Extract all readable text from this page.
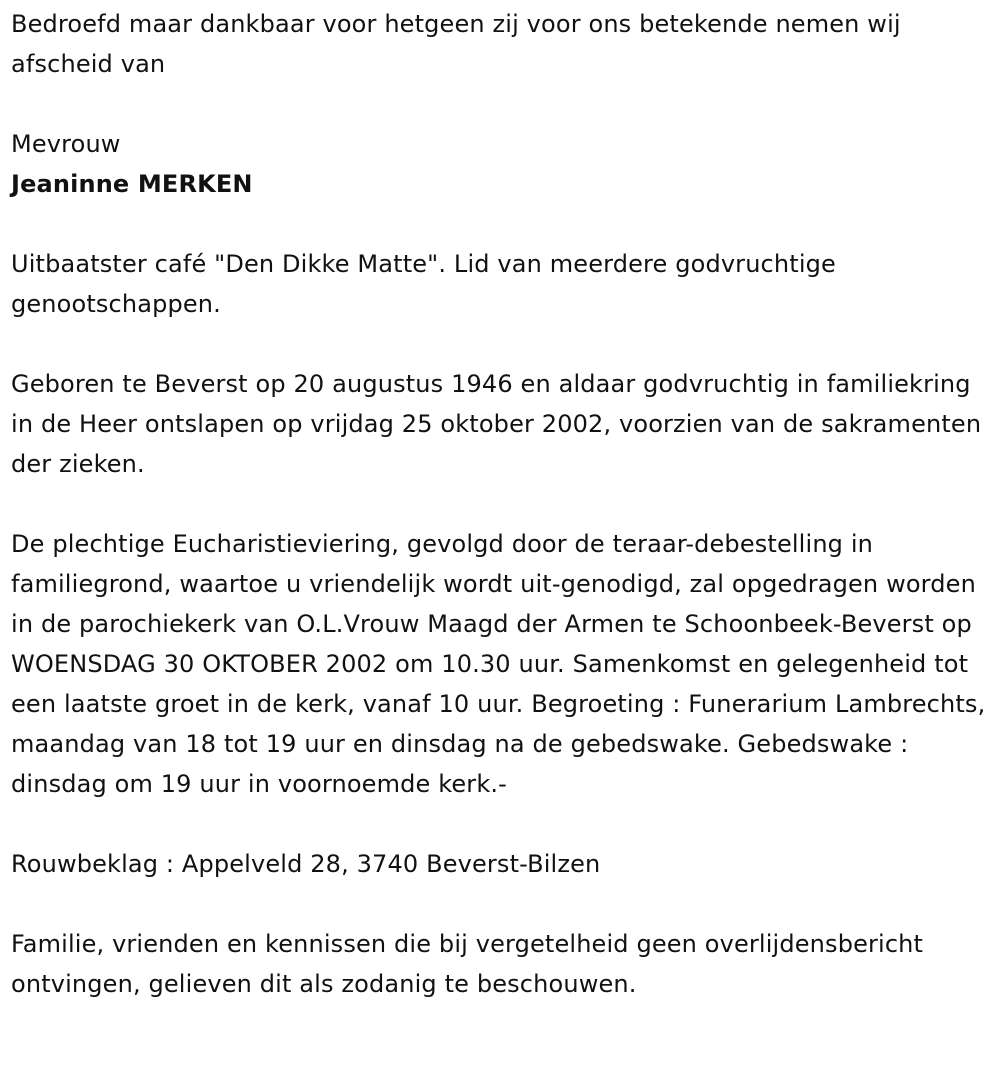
Bedroefd maar dankbaar voor hetgeen zij voor ons betekende nemen wij afscheid van

Mevrouw

Jeaninne MERKEN

Uitbaatster café "Den Dikke Matte". Lid van meerdere godvruchtige genootschappen.

Geboren te Beverst op 20 augustus 1946 en aldaar godvruchtig in familiekring in de Heer ontslapen op vrijdag 25 oktober 2002, voorzien van de sakramenten der zieken.

De plechtige Eucharistieviering, gevolgd door de teraar-debestelling in familiegrond, waartoe u vriendelijk wordt uit-genodigd, zal opgedragen worden in de parochiekerk van O.L.Vrouw Maagd der Armen te Schoonbeek-Beverst op WOENSDAG 30 OKTOBER 2002 om 10.30 uur. Samenkomst en gelegenheid tot een laatste groet in de kerk, vanaf 10 uur. Begroeting : Funerarium Lambrechts, maandag van 18 tot 19 uur en dinsdag na de gebedswake. Gebedswake : dinsdag om 19 uur in voornoemde kerk.-

Rouwbeklag : Appelveld 28, 3740 Beverst-Bilzen

Familie, vrienden en kennissen die bij vergetelheid geen overlijdensbericht ontvingen, gelieven dit als zodanig te beschouwen.
